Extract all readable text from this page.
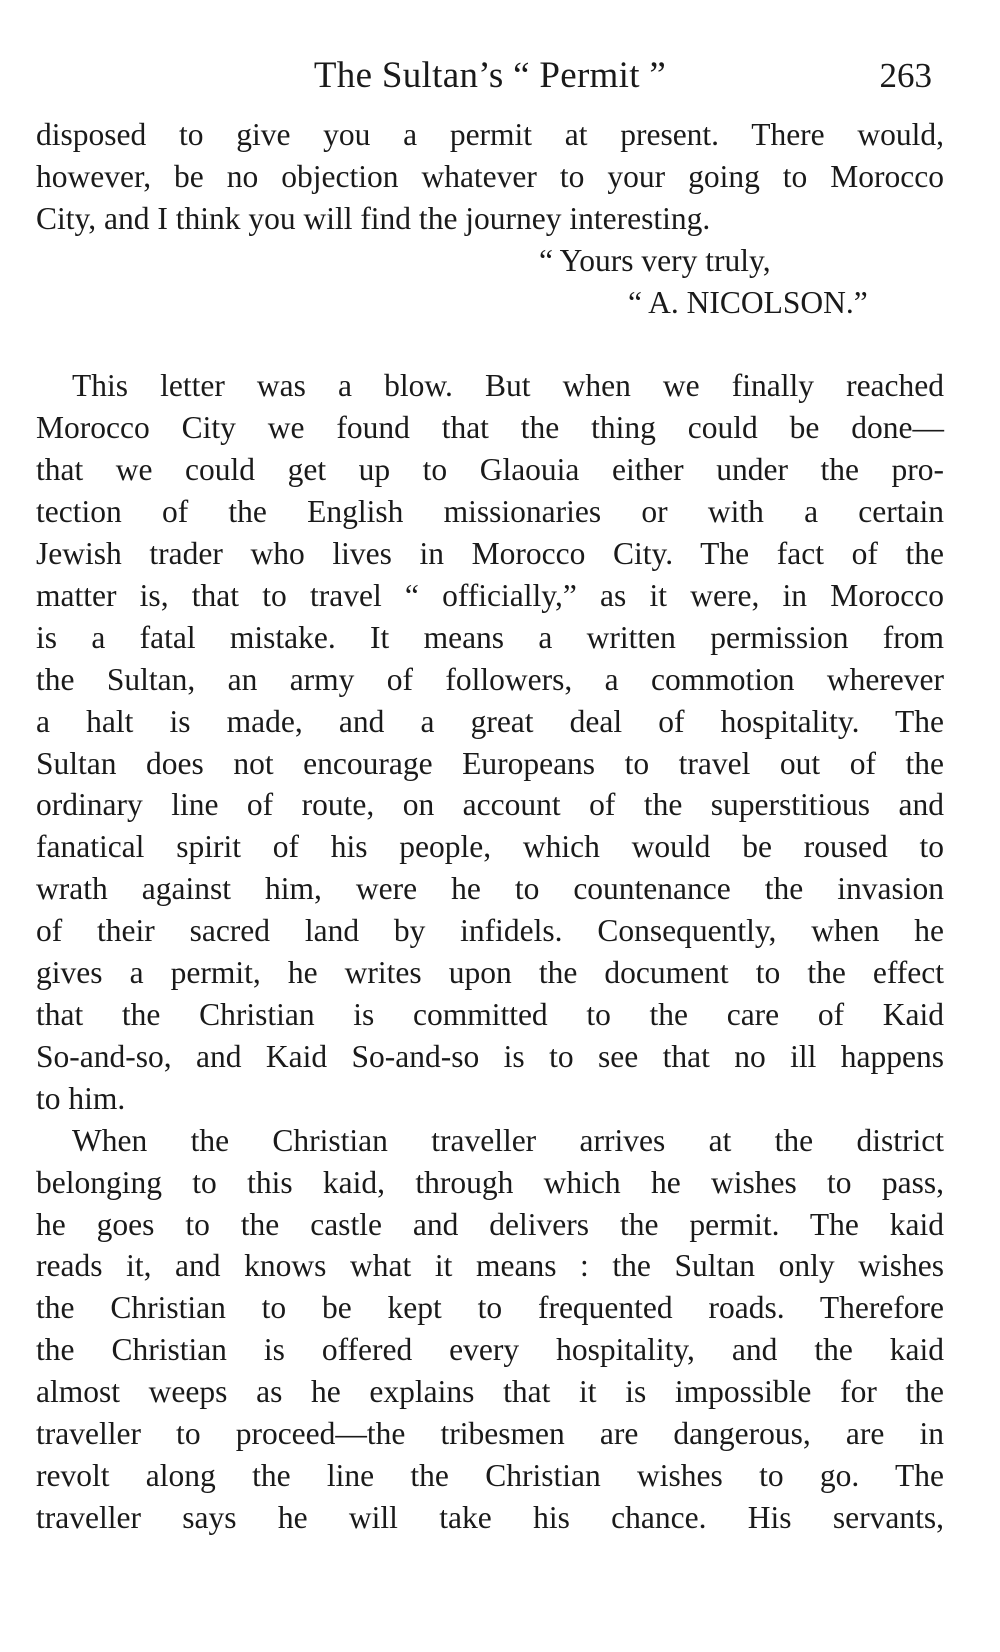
The Sultan’s “ Permit ”	263
disposed to give you a permit at present. There would,
however, be no objection whatever to your going to Morocco
City, and I think you will find the journey interesting.
“ Yours very truly,
“ A. NICOLSON.”
This letter was a blow. But when we finally reached
Morocco City we found that the thing could be done—
that we could get up to Glaouia either under the pro-
tection of the English missionaries or with a certain
Jewish trader who lives in Morocco City. The fact of the
matter is, that to travel “ officially,” as it were, in Morocco
is a fatal mistake. It means a written permission from
the Sultan, an army of followers, a commotion wherever
a halt is made, and a great deal of hospitality. The
Sultan does not encourage Europeans to travel out of the
ordinary line of route, on account of the superstitious and
fanatical spirit of his people, which would be roused to
wrath against him, were he to countenance the invasion
of their sacred land by infidels. Consequently, when he
gives a permit, he writes upon the document to the effect
that the Christian is committed to the care of Kaid
So-and-so, and Kaid So-and-so is to see that no ill happens
to him.
When the Christian traveller arrives at the district
belonging to this kaid, through which he wishes to pass,
he goes to the castle and delivers the permit. The kaid
reads it, and knows what it means : the Sultan only wishes
the Christian to be kept to frequented roads. Therefore
the Christian is offered every hospitality, and the kaid
almost weeps as he explains that it is impossible for the
traveller to proceed—the tribesmen are dangerous, are in
revolt along the line the Christian wishes to go. The
traveller says he will take his chance. His servants,
